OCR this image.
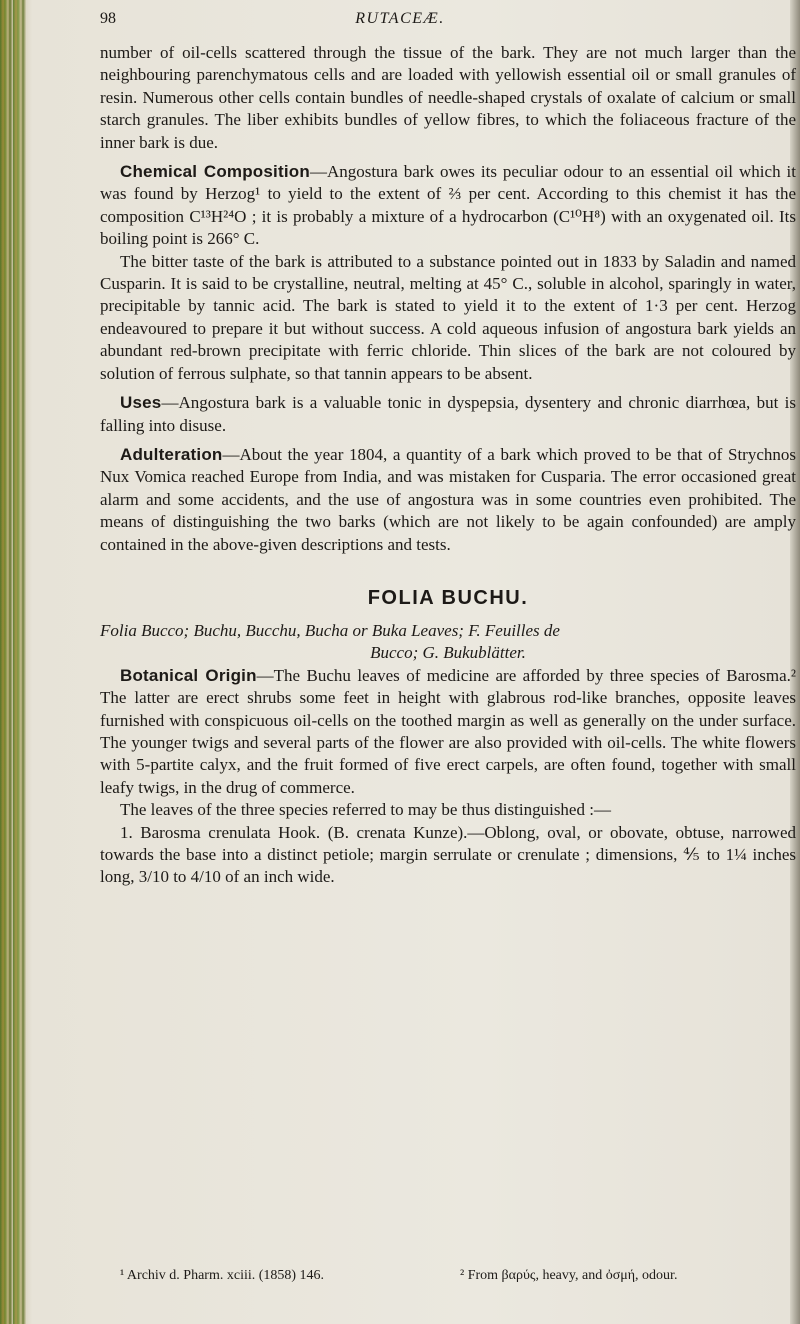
98	RUTACEÆ.

number of oil-cells scattered through the tissue of the bark. They are not much larger than the neighbouring parenchymatous cells and are loaded with yellowish essential oil or small granules of resin. Numerous other cells contain bundles of needle-shaped crystals of oxalate of calcium or small starch granules. The liber exhibits bundles of yellow fibres, to which the foliaceous fracture of the inner bark is due.

Chemical Composition—Angostura bark owes its peculiar odour to an essential oil which it was found by Herzog¹ to yield to the extent of ⅔ per cent. According to this chemist it has the composition C¹³H²⁴O ; it is probably a mixture of a hydrocarbon (C¹⁰H⁸) with an oxygenated oil. Its boiling point is 266° C.

The bitter taste of the bark is attributed to a substance pointed out in 1833 by Saladin and named Cusparin. It is said to be crystalline, neutral, melting at 45° C., soluble in alcohol, sparingly in water, precipitable by tannic acid. The bark is stated to yield it to the extent of 1·3 per cent. Herzog endeavoured to prepare it but without success. A cold aqueous infusion of angostura bark yields an abundant red-brown precipitate with ferric chloride. Thin slices of the bark are not coloured by solution of ferrous sulphate, so that tannin appears to be absent.

Uses—Angostura bark is a valuable tonic in dyspepsia, dysentery and chronic diarrhœa, but is falling into disuse.

Adulteration—About the year 1804, a quantity of a bark which proved to be that of Strychnos Nux Vomica reached Europe from India, and was mistaken for Cusparia. The error occasioned great alarm and some accidents, and the use of angostura was in some countries even prohibited. The means of distinguishing the two barks (which are not likely to be again confounded) are amply contained in the above-given descriptions and tests.

FOLIA BUCHU.

Folia Bucco; Buchu, Bucchu, Bucha or Buka Leaves; F. Feuilles de
Bucco; G. Bukublätter.

Botanical Origin—The Buchu leaves of medicine are afforded by three species of Barosma.² The latter are erect shrubs some feet in height with glabrous rod-like branches, opposite leaves furnished with conspicuous oil-cells on the toothed margin as well as generally on the under surface. The younger twigs and several parts of the flower are also provided with oil-cells. The white flowers with 5-partite calyx, and the fruit formed of five erect carpels, are often found, together with small leafy twigs, in the drug of commerce.

The leaves of the three species referred to may be thus distinguished :—

1. Barosma crenulata Hook. (B. crenata Kunze).—Oblong, oval, or obovate, obtuse, narrowed towards the base into a distinct petiole; margin serrulate or crenulate ; dimensions, ⅘ to 1¼ inches long, 3/10 to 4/10 of an inch wide.

¹ Archiv d. Pharm. xciii. (1858) 146.	² From βαρύς, heavy, and ὀσμή, odour.
